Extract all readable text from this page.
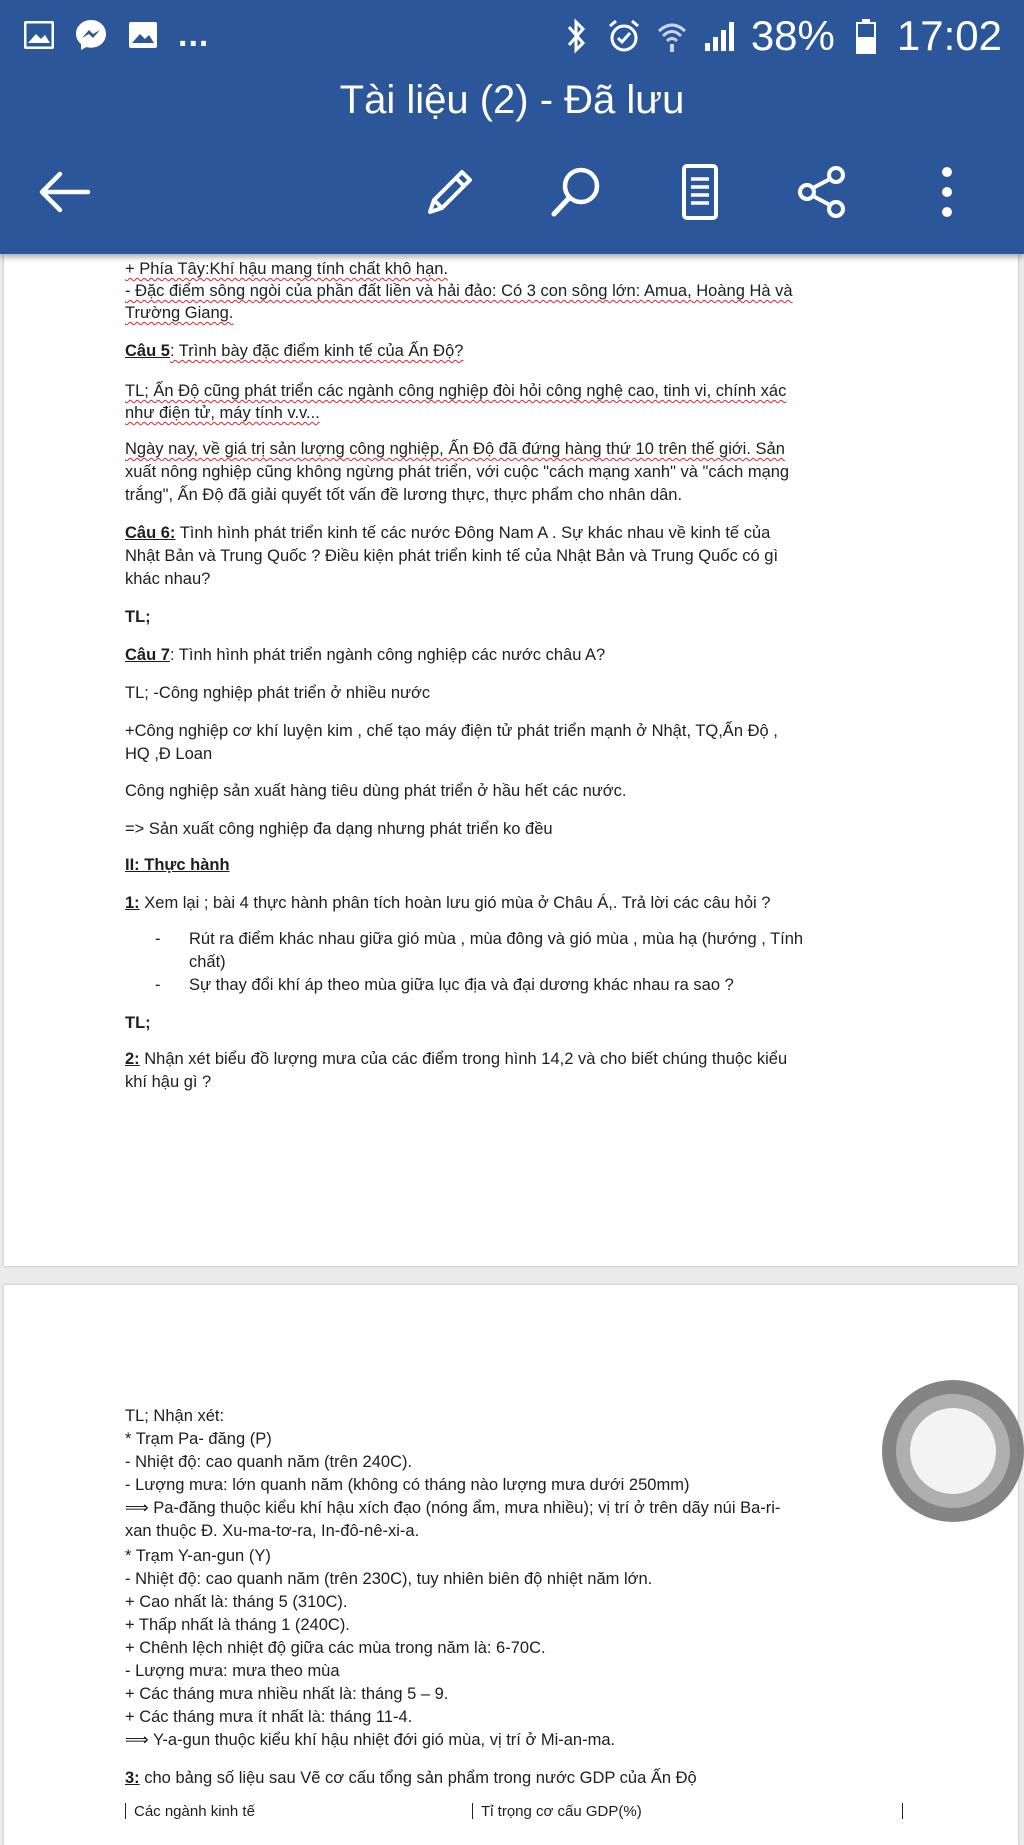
...	38% 17:02
Tài liệu (2) - Đã lưu

+ Phía Tây:Khí hậu mang tính chất khô hạn.

- Đặc điểm sông ngòi của phần đất liền và hải đảo: Có 3 con sông lớn: Amua, Hoàng Hà và

Trường Giang.

Câu 5: Trình bày đặc điểm kinh tế của Ấn Độ?

TL; Ấn Độ cũng phát triển các ngành công nghiệp đòi hỏi công nghệ cao, tinh vi, chính xác

như điện tử, máy tính v.v...

Ngày nay, về giá trị sản lượng công nghiệp, Ấn Độ đã đứng hàng thứ 10 trên thế giới. Sản

xuất nông nghiệp cũng không ngừng phát triển, với cuộc "cách mạng xanh" và "cách mạng

trắng", Ấn Độ đã giải quyết tốt vấn đề lương thực, thực phẩm cho nhân dân.

Câu 6: Tình hình phát triển kinh tế các nước Đông Nam A . Sự khác nhau về kinh tế của

Nhật Bản và Trung Quốc ? Điều kiện phát triển kinh tế của Nhật Bản và Trung Quốc có gì

khác nhau?

TL;

Câu 7: Tình hình phát triển ngành công nghiệp các nước châu A?

TL; -Công nghiệp phát triển ở nhiều nước

+Công nghiệp cơ khí luyện kim , chế tạo máy điện tử phát triển mạnh ở Nhật, TQ,Ấn Độ ,

HQ ,Đ Loan

Công nghiệp sản xuất hàng tiêu dùng phát triển ở hầu hết các nước.

=> Sản xuất công nghiệp đa dạng nhưng phát triển ko đều

II: Thực hành

1: Xem lại ; bài 4 thực hành phân tích hoàn lưu gió mùa ở Châu Á,. Trả lời các câu hỏi ?

- Rút ra điểm khác nhau giữa gió mùa , mùa đông và gió mùa , mùa hạ (hướng , Tính

chất)

- Sự thay đổi khí áp theo mùa giữa lục địa và đại dương khác nhau ra sao ?

TL;

2: Nhận xét biểu đồ lượng mưa của các điểm trong hình 14,2 và cho biết chúng thuộc kiểu

khí hậu gì ?

TL; Nhận xét:

* Trạm Pa- đăng (P)

- Nhiệt độ: cao quanh năm (trên 240C).

- Lượng mưa: lớn quanh năm (không có tháng nào lượng mưa dưới 250mm)

⟹ Pa-đăng thuộc kiểu khí hậu xích đạo (nóng ẩm, mưa nhiều); vị trí ở trên dãy núi Ba-ri-

xan thuộc Đ. Xu-ma-tơ-ra, In-đô-nê-xi-a.

* Trạm Y-an-gun (Y)

- Nhiệt độ: cao quanh năm (trên 230C), tuy nhiên biên độ nhiệt năm lớn.

+ Cao nhất là: tháng 5 (310C).

+ Thấp nhất là tháng 1 (240C).

+ Chênh lệch nhiệt độ giữa các mùa trong năm là: 6-70C.

- Lượng mưa: mưa theo mùa

+ Các tháng mưa nhiều nhất là: tháng 5 – 9.

+ Các tháng mưa ít nhất là: tháng 11-4.

⟹ Y-a-gun thuộc kiểu khí hậu nhiệt đới gió mùa, vị trí ở Mi-an-ma.

3: cho bảng số liệu sau Vẽ cơ cấu tổng sản phẩm trong nước GDP của Ấn Độ

Các ngành kinh tế	Tỉ trọng cơ cấu GDP(%)
